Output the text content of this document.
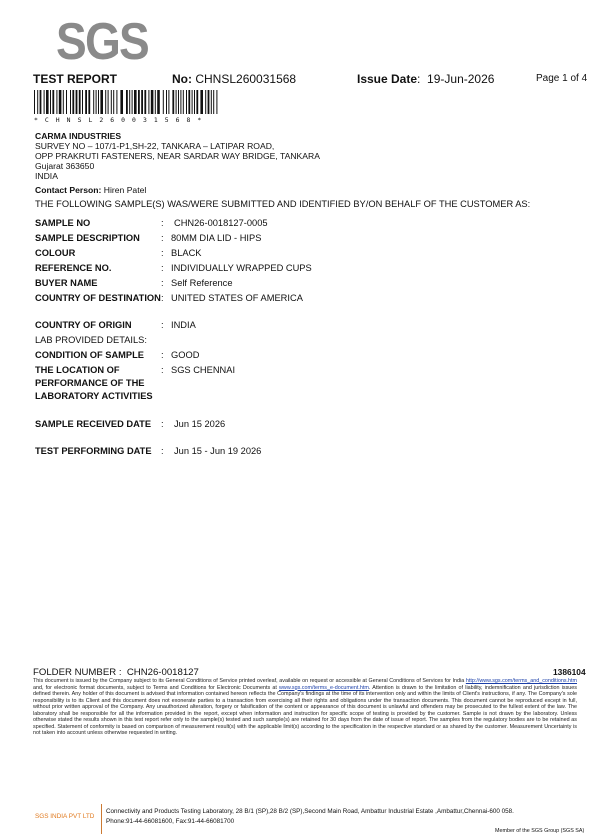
SGS
TEST REPORT	No: CHNSL260031568	Issue Date:  19-Jun-2026	Page 1 of 4
* C H N S L 2 6 0 0 3 1 5 6 8 *
CARMA INDUSTRIES
SURVEY NO – 107/1-P1,SH-22, TANKARA – LATIPAR ROAD,
OPP PRAKRUTI FASTENERS, NEAR SARDAR WAY BRIDGE, TANKARA
Gujarat 363650
INDIA
Contact Person: Hiren Patel
THE FOLLOWING SAMPLE(S) WAS/WERE SUBMITTED AND IDENTIFIED BY/ON BEHALF OF THE CUSTOMER AS:
SAMPLE NO	:	CHN26-0018127-0005
SAMPLE DESCRIPTION	: 80MM DIA LID - HIPS
COLOUR	: BLACK
REFERENCE NO.	: INDIVIDUALLY WRAPPED CUPS
BUYER NAME	: Self Reference
COUNTRY OF DESTINATION : UNITED STATES OF AMERICA
COUNTRY OF ORIGIN	: INDIA
LAB PROVIDED DETAILS:
CONDITION OF SAMPLE	: GOOD
THE LOCATION OF PERFORMANCE OF THE LABORATORY ACTIVITIES
: SGS CHENNAI
SAMPLE RECEIVED DATE	:	Jun 15 2026
TEST PERFORMING DATE	:	Jun 15 - Jun 19 2026
FOLDER NUMBER : CHN26-0018127	1386104
This document is issued by the Company subject to its General Conditions of Service printed overleaf, available on request or accessible at General Conditions of Services for India http://www.sgs.com/terms_and_conditions.htm and, for electronic format documents, subject to Terms and Conditions for Electronic Documents at www.sgs.com/terms_e-document.htm. Attention is drawn to the limitation of liability, indemnification and jurisdiction issues defined therein. Any holder of this document is advised that information contained hereon reflects the Company's findings at the time of its intervention only and within the limits of Client's instructions, if any. The Company's sole responsibility is to its Client and this document does not exonerate parties to a transaction from exercising all their rights and obligations under the transaction documents. This document cannot be reproduced except in full, without prior written approval of the Company. Any unauthorized alteration, forgery or falsification of the content or appearance of this document is unlawful and offenders may be prosecuted to the fullest extent of the law. The laboratory shall be responsible for all the information provided in the report, except when information and instruction for specific scope of testing is provided by the customer. Sample is not drawn by the laboratory. Unless otherwise stated the results shown in this test report refer only to the sample(s) tested and such sample(s) are retained for 30 days from the date of issue of report. The samples from the regulatory bodies are to be retained as specified. Statement of conformity is based on comparison of measurement result(s) with the applicable limit(s) according to the specification in the respective standard or as shared by the customer. Measurement Uncertainty is not taken into account unless otherwise requested in writing.
SGS INDIA PVT LTD
Connectivity and Products Testing Laboratory, 28 B/1 (SP),28 B/2 (SP),Second Main Road, Ambattur Industrial Estate ,Ambattur,Chennai-600 058.
Phone:91-44-66081600, Fax:91-44-66081700
Member of the SGS Group (SGS SA)
